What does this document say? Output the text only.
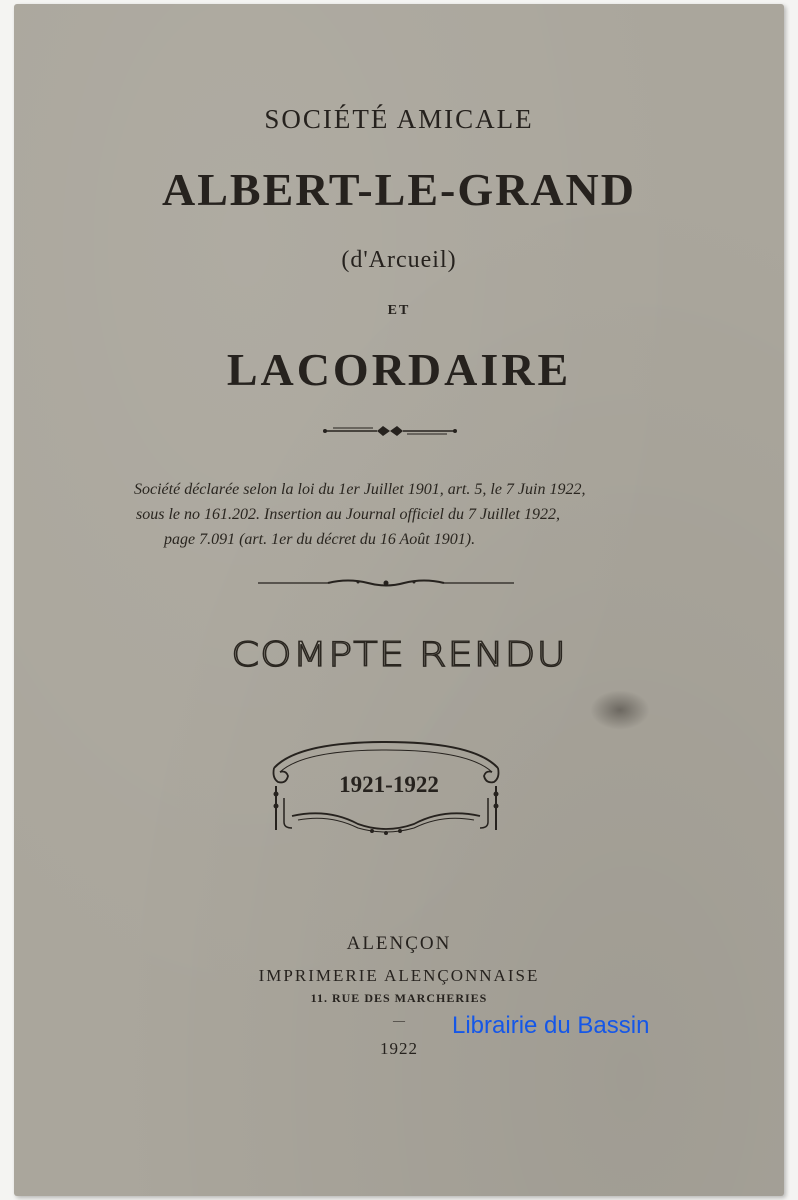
SOCIÉTÉ AMICALE
ALBERT-LE-GRAND
(d'Arcueil)
ET
LACORDAIRE
Société déclarée selon la loi du 1er Juillet 1901, art. 5, le 7 Juin 1922,
sous le no 161.202. Insertion au Journal officiel du 7 Juillet 1922,
page 7.091 (art. 1er du décret du 16 Août 1901).
COMPTE RENDU
1921-1922
ALENÇON
IMPRIMERIE ALENÇONNAISE
11. RUE DES MARCHERIES
—
1922
Librairie du Bassin
